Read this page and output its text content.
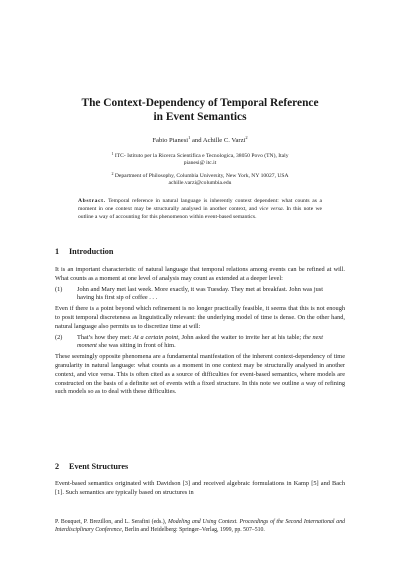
The Context-Dependency of Temporal Reference
in Event Semantics
Fabio Pianesi$^1$ and Achille C. Varzi$^2$
$^1$ ITC- Istituto per la Ricerca Scientifica e Tecnologica, 38050 Povo (TN), Italy
pianesi@ itc.it
$^2$ Department of Philosophy, Columbia University, New York, NY 10027, USA
achille.varzi@columbia.edu

Abstract. Temporal reference in natural language is inherently context dependent: what counts as a moment in one context may be structurally analysed in another context, and vice versa. In this note we outline a way of accounting for this phenomenon within event-based semantics.

1 Introduction

It is an important characteristic of natural language that temporal relations among events can be refined at will. What counts as a moment at one level of analysis may count as extended at a deeper level:

(1)	John and Mary met last week. More exactly, it was Tuesday. They met at breakfast. John was just having his first sip of coffee . . .

Even if there is a point beyond which refinement is no longer practically feasible, it seems that this is not enough to posit temporal discreteness as linguistically relevant: the underlying model of time is dense. On the other hand, natural language also permits us to discretize time at will:

(2)	That’s how they met: At a certain point, John asked the waiter to invite her at his table; the next moment she was sitting in front of him.

These seemingly opposite phenomena are a fundamental manifestation of the inherent context-dependency of time granularity in natural language: what counts as a moment in one context may be structurally analysed in another context, and vice versa. This is often cited as a source of difficulties for event-based semantics, where models are constructed on the basis of a definite set of events with a fixed structure. In this note we outline a way of refining such models so as to deal with these difficulties.

2 Event Structures

Event-based semantics originated with Davidson [3] and received algebraic formulations in Kamp [5] and Bach [1]. Such semantics are typically based on structures in

P. Bouquet, P. Brezillon, and L. Serafini (eds.), Modeling and Using Context. Proceedings of the Second International and Interdisciplinary Conference, Berlin and Heidelberg: Springer–Verlag, 1999, pp. 507–510.
